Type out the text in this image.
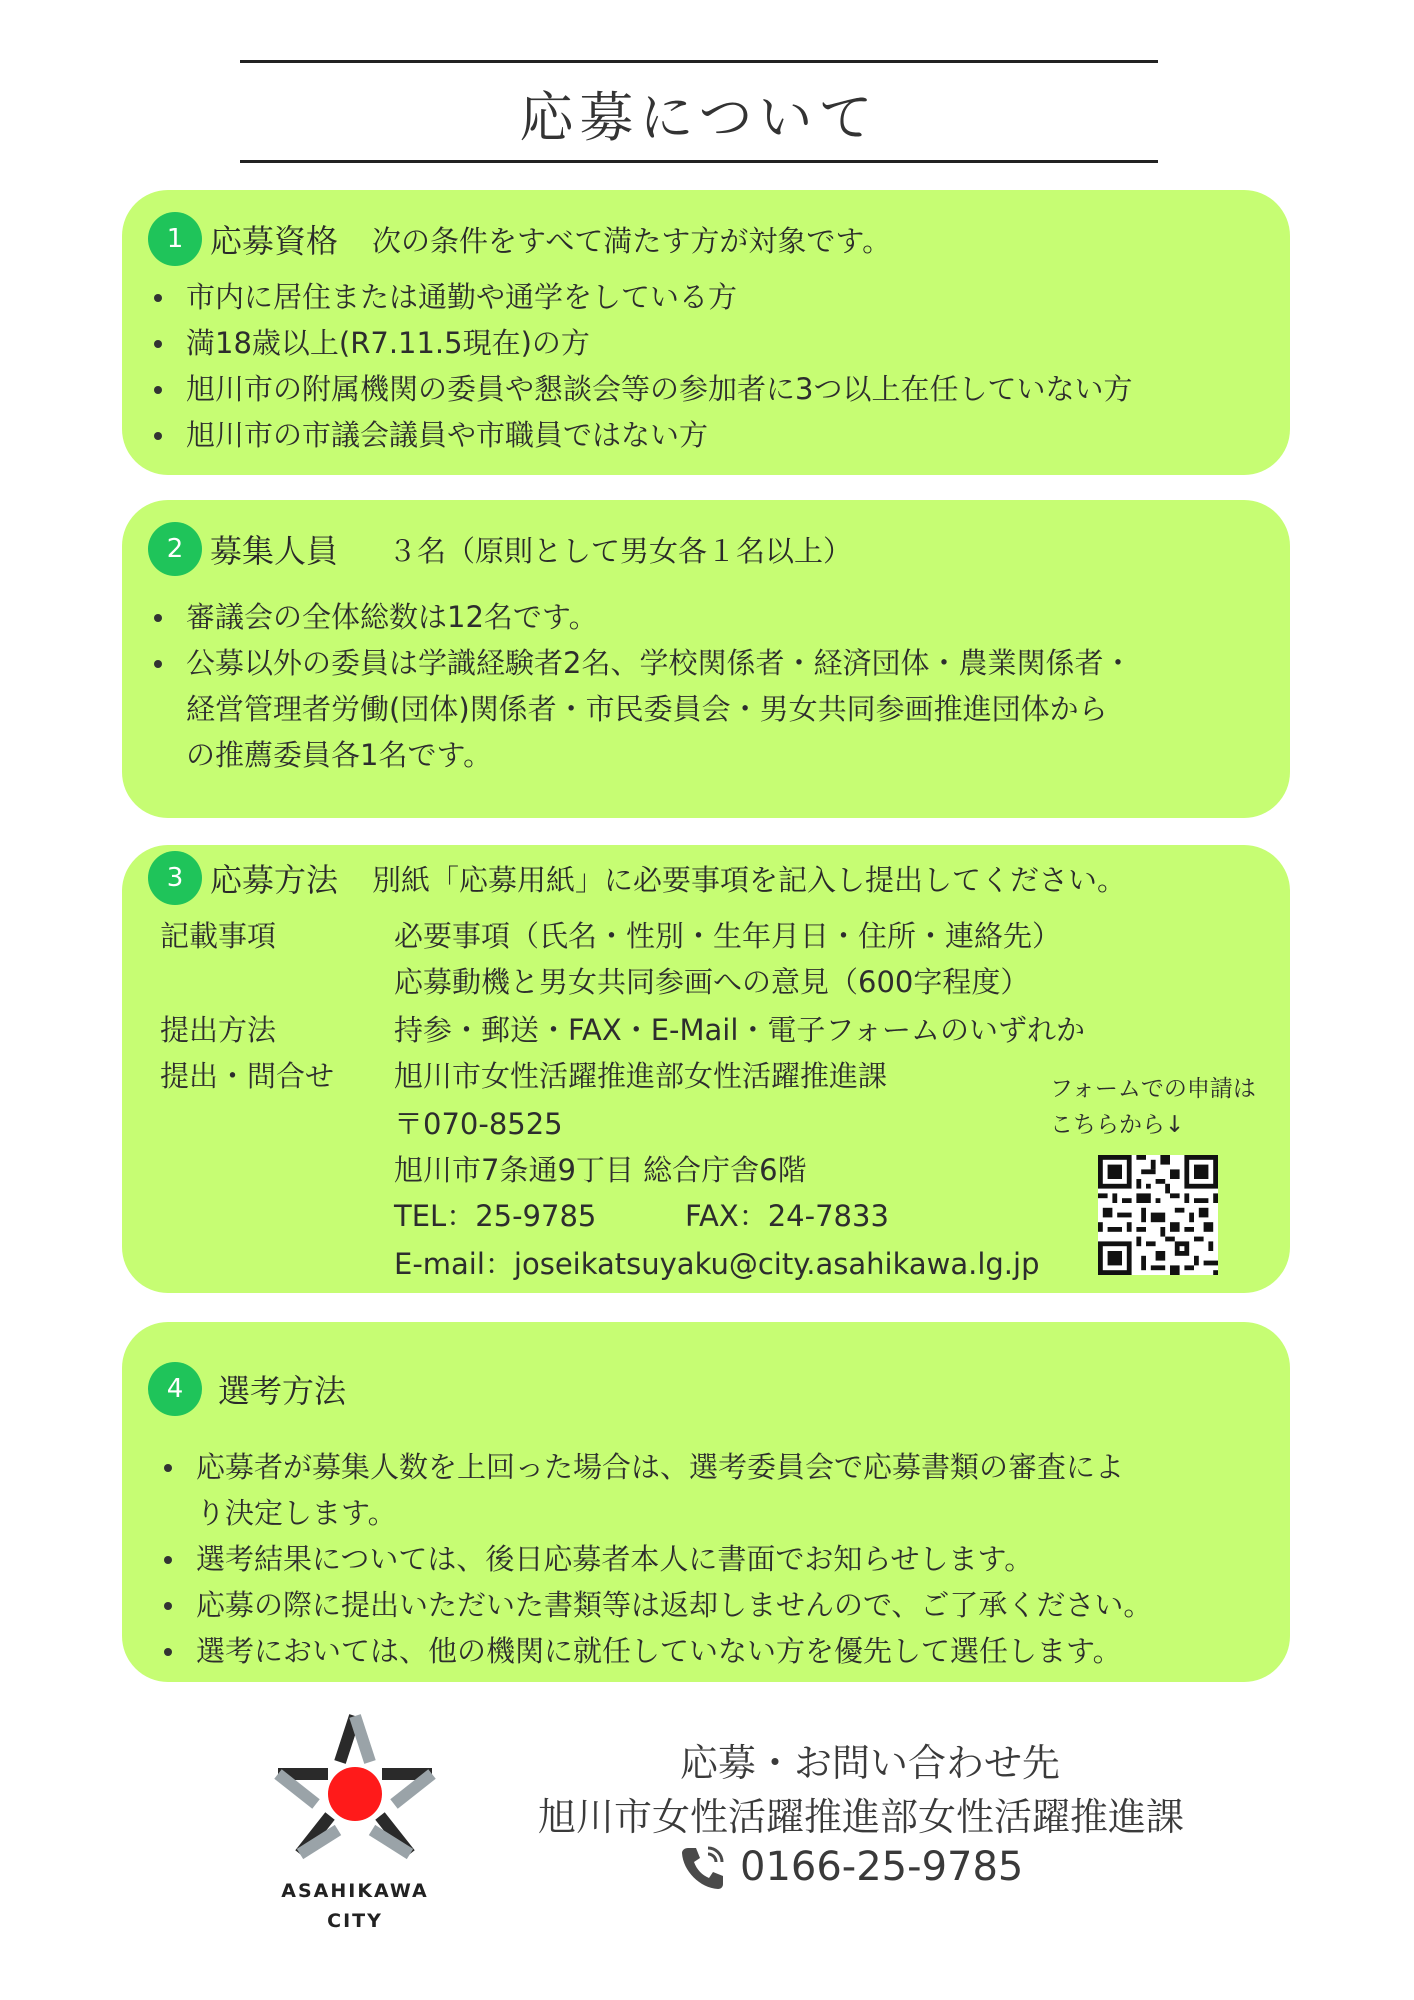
応募について
1 応募資格 次の条件をすべて満たす方が対象です。
市内に居住または通勤や通学をしている方
満18歳以上(R7.11.5現在)の方
旭川市の附属機関の委員や懇談会等の参加者に3つ以上在任していない方
旭川市の市議会議員や市職員ではない方
2 募集人員 ３名（原則として男女各１名以上）
審議会の全体総数は12名です。
公募以外の委員は学識経験者2名、学校関係者・経済団体・農業関係者・
経営管理者労働(団体)関係者・市民委員会・男女共同参画推進団体から
の推薦委員各1名です。
3 応募方法 別紙「応募用紙」に必要事項を記入し提出してください。
記載事項	必要事項（氏名・性別・生年月日・住所・連絡先）
応募動機と男女共同参画への意見（600字程度）
提出方法	持参・郵送・FAX・E-Mail・電子フォームのいずれか
提出・問合せ 旭川市女性活躍推進部女性活躍推進課
〒070-8525
旭川市7条通9丁目 総合庁舎6階
TEL：25-9785	FAX：24-7833
E-mail：joseikatsuyaku@city.asahikawa.lg.jp
フォームでの申請は
こちらから↓
4	選考方法
応募者が募集人数を上回った場合は、選考委員会で応募書類の審査によ
り決定します。
選考結果については、後日応募者本人に書面でお知らせします。
応募の際に提出いただいた書類等は返却しませんので、ご了承ください。
選考においては、他の機関に就任していない方を優先して選任します。
ASAHIKAWA
CITY
応募・お問い合わせ先
旭川市女性活躍推進部女性活躍推進課
0166-25-9785
